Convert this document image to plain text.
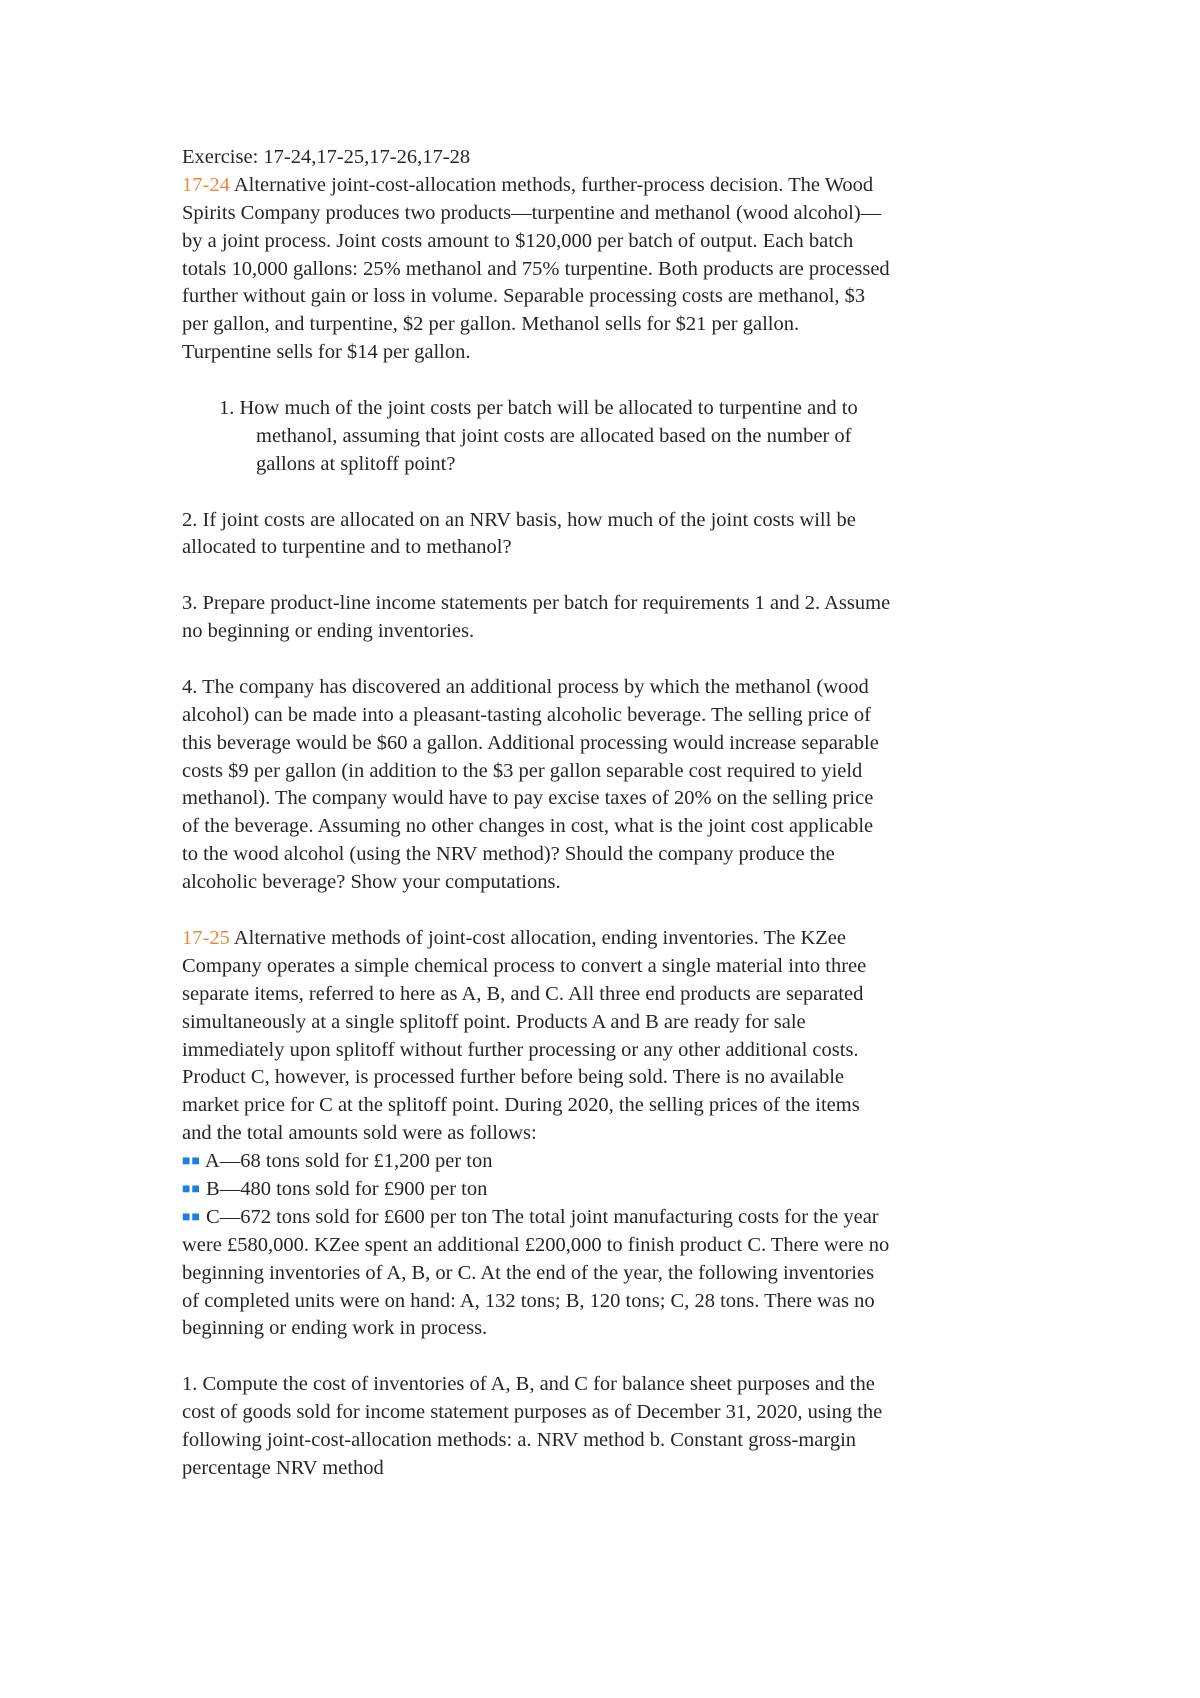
Exercise: 17-24,17-25,17-26,17-28
17-24 Alternative joint-cost-allocation methods, further-process decision. The Wood
Spirits Company produces two products—turpentine and methanol (wood alcohol)—
by a joint process. Joint costs amount to $120,000 per batch of output. Each batch
totals 10,000 gallons: 25% methanol and 75% turpentine. Both products are processed
further without gain or loss in volume. Separable processing costs are methanol, $3
per gallon, and turpentine, $2 per gallon. Methanol sells for $21 per gallon.
Turpentine sells for $14 per gallon.
1. How much of the joint costs per batch will be allocated to turpentine and to
methanol, assuming that joint costs are allocated based on the number of
gallons at splitoff point?
2. If joint costs are allocated on an NRV basis, how much of the joint costs will be
allocated to turpentine and to methanol?
3. Prepare product-line income statements per batch for requirements 1 and 2. Assume
no beginning or ending inventories.
4. The company has discovered an additional process by which the methanol (wood
alcohol) can be made into a pleasant-tasting alcoholic beverage. The selling price of
this beverage would be $60 a gallon. Additional processing would increase separable
costs $9 per gallon (in addition to the $3 per gallon separable cost required to yield
methanol). The company would have to pay excise taxes of 20% on the selling price
of the beverage. Assuming no other changes in cost, what is the joint cost applicable
to the wood alcohol (using the NRV method)? Should the company produce the
alcoholic beverage? Show your computations.
17-25 Alternative methods of joint-cost allocation, ending inventories. The KZee
Company operates a simple chemical process to convert a single material into three
separate items, referred to here as A, B, and C. All three end products are separated
simultaneously at a single splitoff point. Products A and B are ready for sale
immediately upon splitoff without further processing or any other additional costs.
Product C, however, is processed further before being sold. There is no available
market price for C at the splitoff point. During 2020, the selling prices of the items
and the total amounts sold were as follows:
■■ A—68 tons sold for £1,200 per ton
■■ B—480 tons sold for £900 per ton
■■ C—672 tons sold for £600 per ton The total joint manufacturing costs for the year
were £580,000. KZee spent an additional £200,000 to finish product C. There were no
beginning inventories of A, B, or C. At the end of the year, the following inventories
of completed units were on hand: A, 132 tons; B, 120 tons; C, 28 tons. There was no
beginning or ending work in process.
1. Compute the cost of inventories of A, B, and C for balance sheet purposes and the
cost of goods sold for income statement purposes as of December 31, 2020, using the
following joint-cost-allocation methods: a. NRV method b. Constant gross-margin
percentage NRV method
